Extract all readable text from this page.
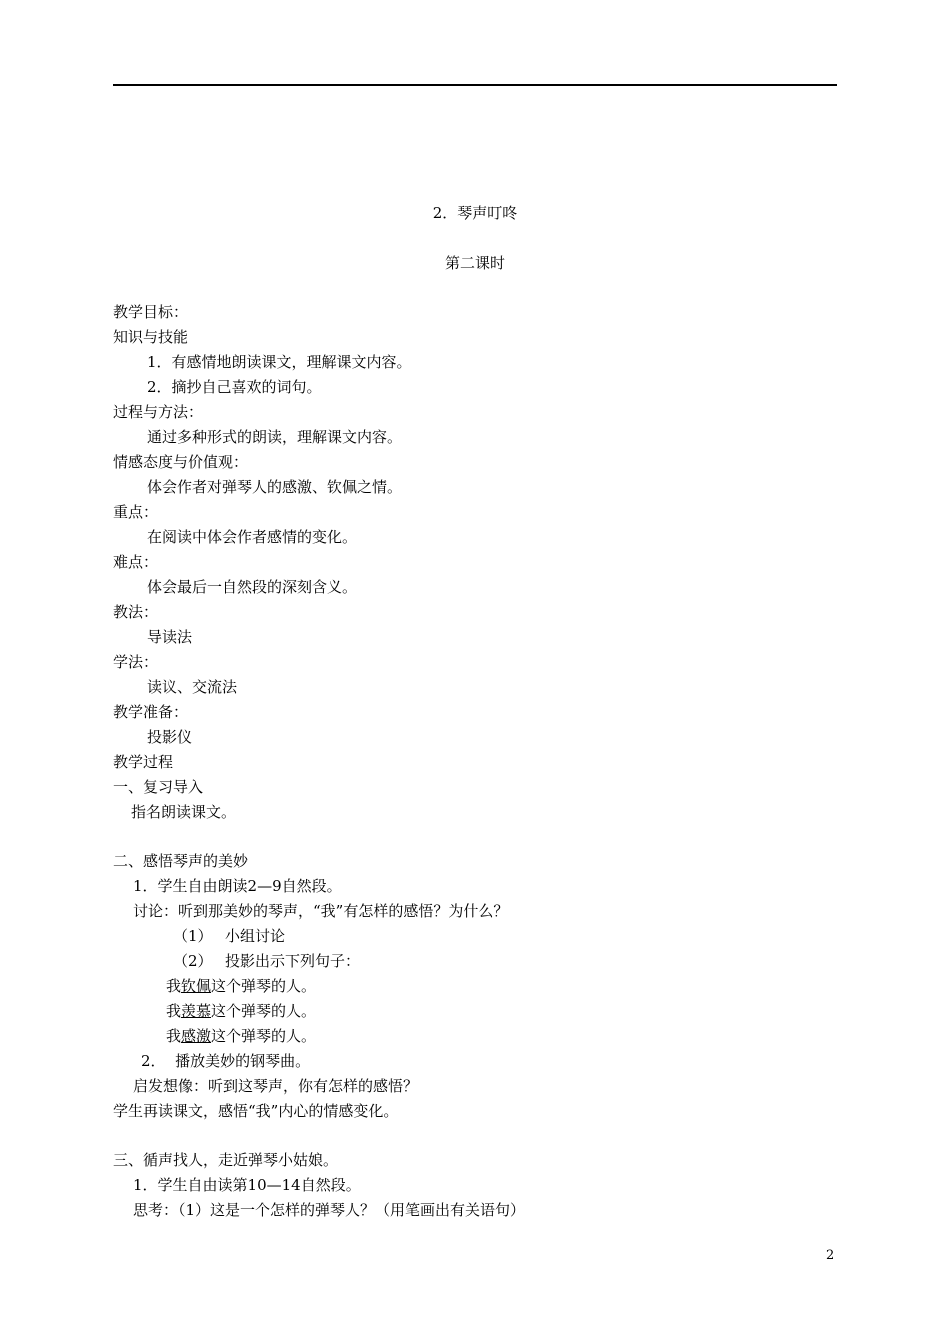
2．琴声叮咚
第二课时
教学目标：
知识与技能
1．有感情地朗读课文，理解课文内容。
2．摘抄自己喜欢的词句。
过程与方法：
通过多种形式的朗读，理解课文内容。
情感态度与价值观：
体会作者对弹琴人的感激、钦佩之情。
重点：
在阅读中体会作者感情的变化。
难点：
体会最后一自然段的深刻含义。
教法：
导读法
学法：
读议、交流法
教学准备：
投影仪
教学过程
一、复习导入
指名朗读课文。
二、感悟琴声的美妙
1．学生自由朗读2—9自然段。
讨论：听到那美妙的琴声，“我”有怎样的感悟？为什么？
（1） 小组讨论
（2） 投影出示下列句子：
我钦佩这个弹琴的人。
我羡慕这个弹琴的人。
我感激这个弹琴的人。
2．  播放美妙的钢琴曲。
启发想像：听到这琴声，你有怎样的感悟？
学生再读课文，感悟“我”内心的情感变化。
三、循声找人，走近弹琴小姑娘。
1．学生自由读第10—14自然段。
思考：（1）这是一个怎样的弹琴人？（用笔画出有关语句）
2
